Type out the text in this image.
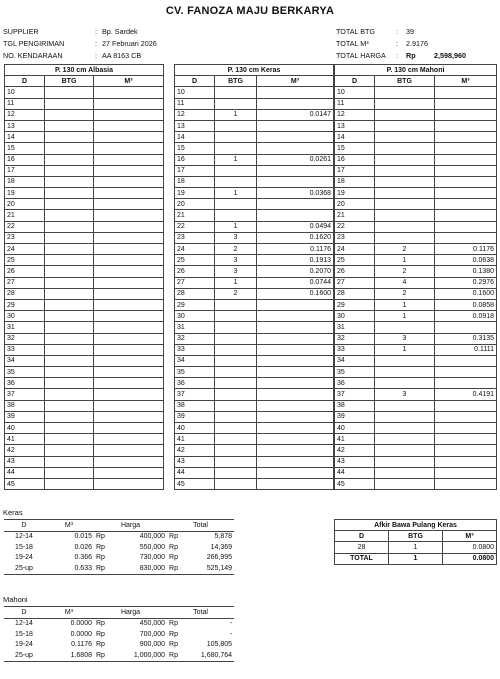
CV. FANOZA MAJU BERKARYA
SUPPLIER	: Bp. Sardek
TGL PENGIRIMAN	: 27 Februari 2026
NO. KENDARAAN	: AA 8163 CB
TOTAL BTG	: 39
TOTAL M³	: 2.9176
TOTAL HARGA : Rp	2,598,960
P. 130 cm Albasia		
D	BTG	M³
10		
11		
12		
13		
14		
15		
16		
17		
18		
19		
20		
21		
22		
23		
24		
25		
26		
27		
28		
29		
30		
31		
32		
33		
34		
35		
36		
37		
38		
39		
40		
41		
42		
43		
44		
45		
P. 130 cm Keras		
D	BTG	M³
10		
11		
12	1	0.0147
13		
14		
15		
16	1	0.0261
17		
18		
19	1	0.0368
20		
21		
22	1	0.0494
23	3	0.1620
24	2	0.1176
25	3	0.1913
26	3	0.2070
27	1	0.0744
28	2	0.1600
29		
30		
31		
32		
33		
34		
35		
36		
37		
38		
39		
40		
41		
42		
43		
44		
45		
P. 130 cm Mahoni		
D	BTG	M³
10		
11		
12		
13		
14		
15		
16		
17		
18		
19		
20		
21		
22		
23		
24	2	0.1176
25	1	0.0638
26	2	0.1380
27	4	0.2976
28	2	0.1600
29	1	0.0858
30	1	0.0918
31		
32	3	0.3135
33	1	0.1111
34		
35		
36		
37	3	0.4191
38		
39		
40		
41		
42		
43		
44		
45		
Keras
D	M³	Harga		Total	
12-14	0.015	Rp	400,000	Rp	5,878
15-18	0.026	Rp	550,000	Rp	14,369
19-24	0.366	Rp	730,000	Rp	266,995
25-up	0.633	Rp	830,000	Rp	525,149
Mahoni
D	M³	Harga		Total	
12-14	0.0000	Rp	450,000	Rp	-
15-18	0.0000	Rp	700,000	Rp	-
19-24	0.1176	Rp	900,000	Rp	105,805
25-up	1.6808	Rp	1,000,000	Rp	1,680,764
Afkir Bawa Pulang Keras		
D	BTG	M³
28	1	0.0800
TOTAL	1	0.0800
